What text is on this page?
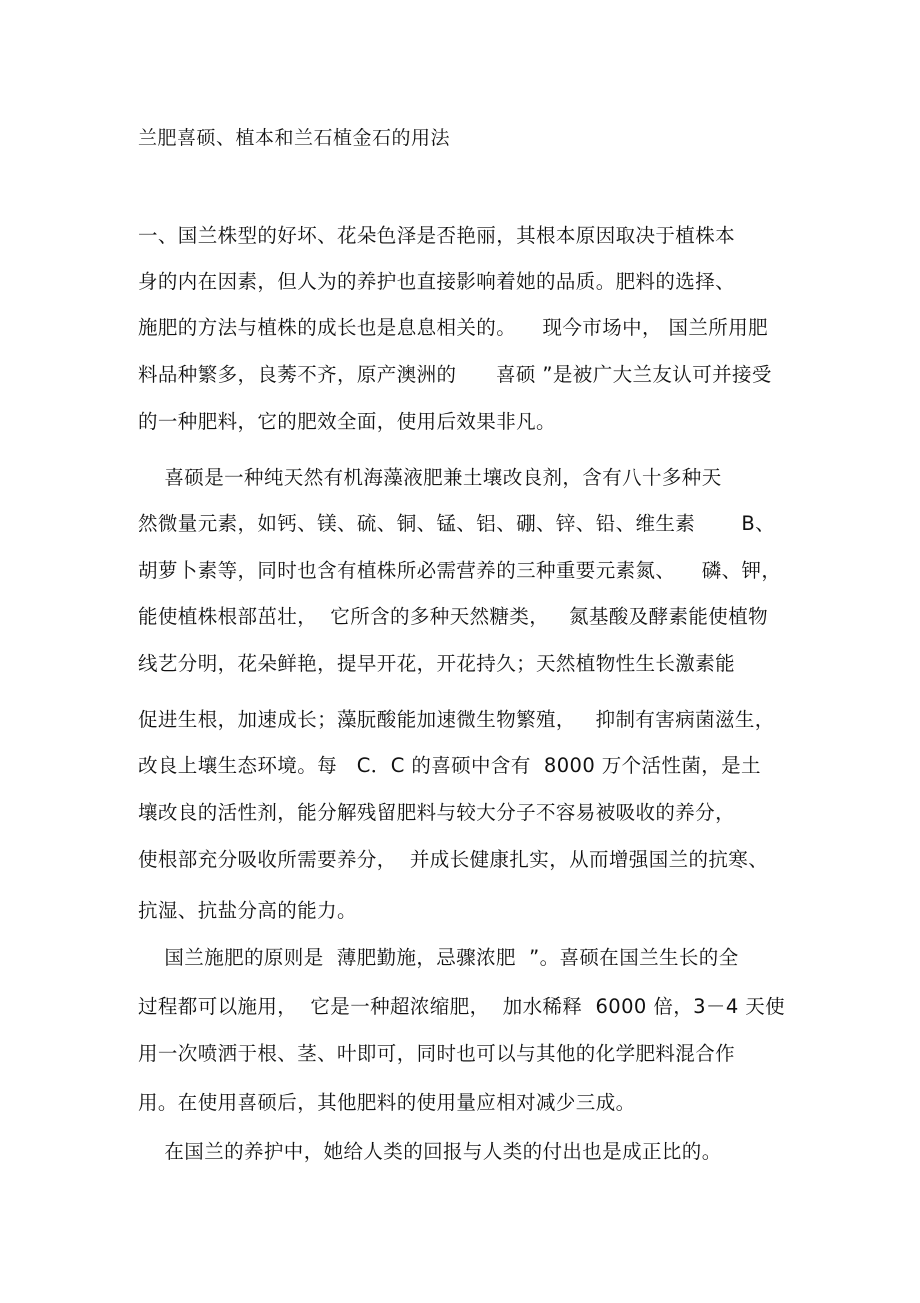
兰肥喜硕、植本和兰石植金石的用法
一、国兰株型的好坏、花朵色泽是否艳丽，其根本原因取决于植株本
身的内在因素，但人为的养护也直接影响着她的品质。肥料的选择、
施肥的方法与植株的成长也是息息相关的。    现今市场中， 国兰所用肥
料品种繁多，良莠不齐，原产澳洲的      喜硕 ”是被广大兰友认可并接受
的一种肥料，它的肥效全面，使用后效果非凡。
喜硕是一种纯天然有机海藻液肥兼土壤改良剂，含有八十多种天
然微量元素，如钙、镁、硫、铜、锰、铝、硼、锌、铅、维生素       B、
胡萝卜素等，同时也含有植株所必需营养的三种重要元素氮、    磷、钾，
能使植株根部茁壮，  它所含的多种天然糖类，   氮基酸及酵素能使植物
线艺分明，花朵鲜艳，提早开花，开花持久；天然植物性生长激素能
促进生根，加速成长；藻朊酸能加速微生物繁殖，   抑制有害病菌滋生，
改良上壤生态环境。每   C．C 的喜硕中含有  8000 万个活性菌，是土
壤改良的活性剂，能分解残留肥料与较大分子不容易被吸收的养分，
使根部充分吸收所需要养分，  并成长健康扎实，从而增强国兰的抗寒、
抗湿、抗盐分高的能力。
国兰施肥的原则是  薄肥勤施，忌骤浓肥  ”。喜硕在国兰生长的全
过程都可以施用，  它是一种超浓缩肥，  加水稀释  6000 倍，3－4 天使
用一次喷洒于根、茎、叶即可，同时也可以与其他的化学肥料混合作
用。在使用喜硕后，其他肥料的使用量应相对减少三成。
在国兰的养护中，她给人类的回报与人类的付出也是成正比的。
